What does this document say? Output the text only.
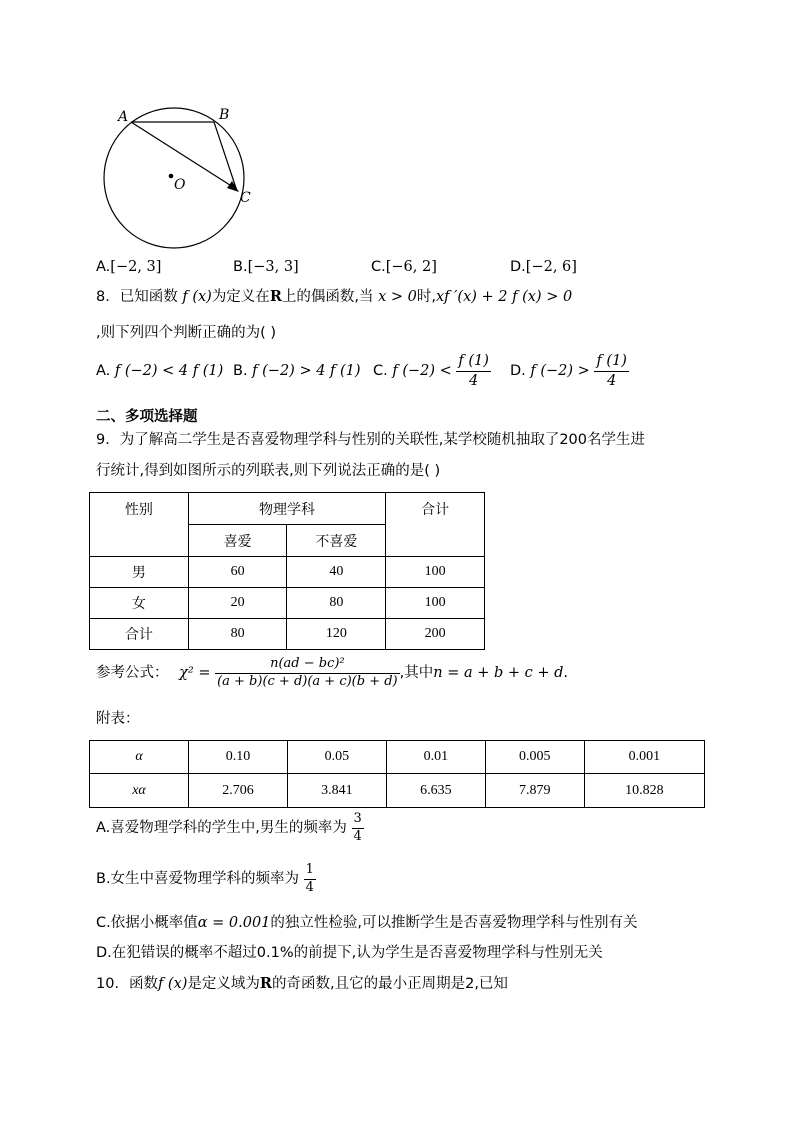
A	B
C
O
A.[−2, 3]	B.[−3, 3]	C.[−6, 2]	D.[−2, 6]
8．已知函数 f (x)为定义在R上的偶函数,当 x > 0时,xf ′(x) + 2 f (x) > 0
,则下列四个判断正确的为( )
A. f (−2) < 4 f (1) B. f (−2) > 4 f (1) C. f $(-2) < \frac{f (1)}{4} D$. f $(-2) > \frac{f (1)}{4}$
二、多项选择题
9．为了解高二学生是否喜爱物理学科与性别的关联性,某学校随机抽取了200名学生进
行统计,得到如图所示的列联表,则下列说法正确的是( )
性别	物理学科		合计
	喜爱	不喜爱	
男	60	40	100
女	20	80	100
合计	80	120	200
参考公式： $\chi^2 = \frac{\text{n(ad − bc)²}}{(a + b)(c + d)(a + c)(b + d)}$ ,其中n = a + b + c + d.
附表：
α	0.10	0.05	0.01	0.005	0.001
xα	2.706	3.841	6.635	7.879	10.828
A.喜爱物理学科的学生中,男生的频率为 $\frac{3}{4}$
B.女生中喜爱物理学科的频率为 $\frac{1}{4}$
C.依据小概率值α = 0.001的独立性检验,可以推断学生是否喜爱物理学科与性别有关
D.在犯错误的概率不超过0.1%的前提下,认为学生是否喜爱物理学科与性别无关
10．函数f (x)是定义域为R的奇函数,且它的最小正周期是2,已知
